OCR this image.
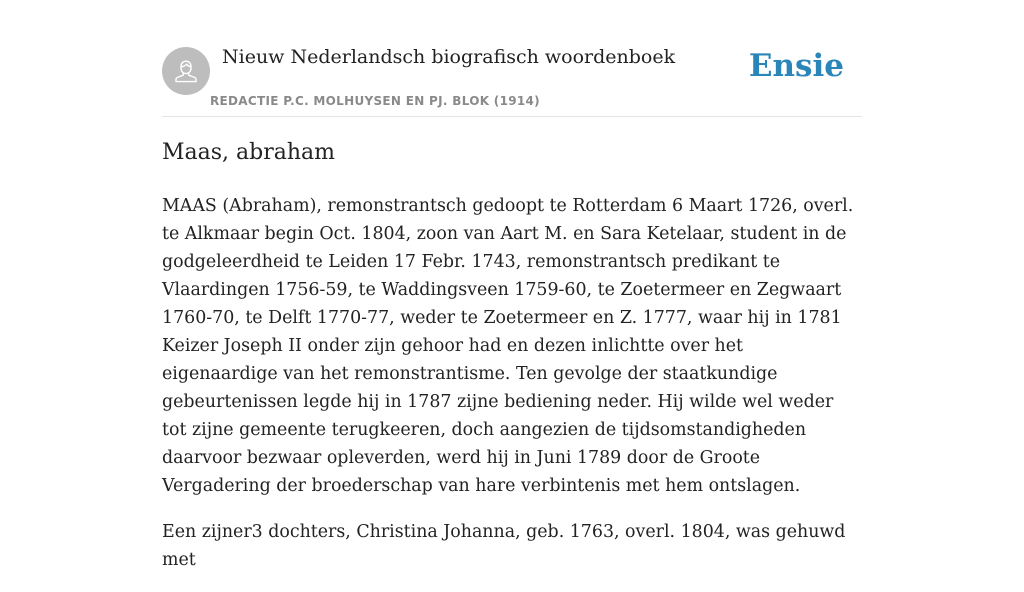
Nieuw Nederlandsch biografisch woordenboek
REDACTIE P.C. MOLHUYSEN EN PJ. BLOK (1914)
Ensie
Maas, abraham

MAAS (Abraham), remonstrantsch gedoopt te Rotterdam 6 Maart 1726, overl. te Alkmaar begin Oct. 1804, zoon van Aart M. en Sara Ketelaar, student in de godgeleerdheid te Leiden 17 Febr. 1743, remonstrantsch predikant te Vlaardingen 1756-59, te Waddingsveen 1759-60, te Zoetermeer en Zegwaart 1760-70, te Delft 1770-77, weder te Zoetermeer en Z. 1777, waar hij in 1781 Keizer Joseph II onder zijn gehoor had en dezen inlichtte over het eigenaardige van het remonstrantisme. Ten gevolge der staatkundige gebeurtenissen legde hij in 1787 zijne bediening neder. Hij wilde wel weder tot zijne gemeente terugkeeren, doch aangezien de tijdsomstandigheden daarvoor bezwaar opleverden, werd hij in Juni 1789 door de Groote Vergadering der broederschap van hare verbintenis met hem ontslagen.

Een zijner3 dochters, Christina Johanna, geb. 1763, overl. 1804, was gehuwd met
